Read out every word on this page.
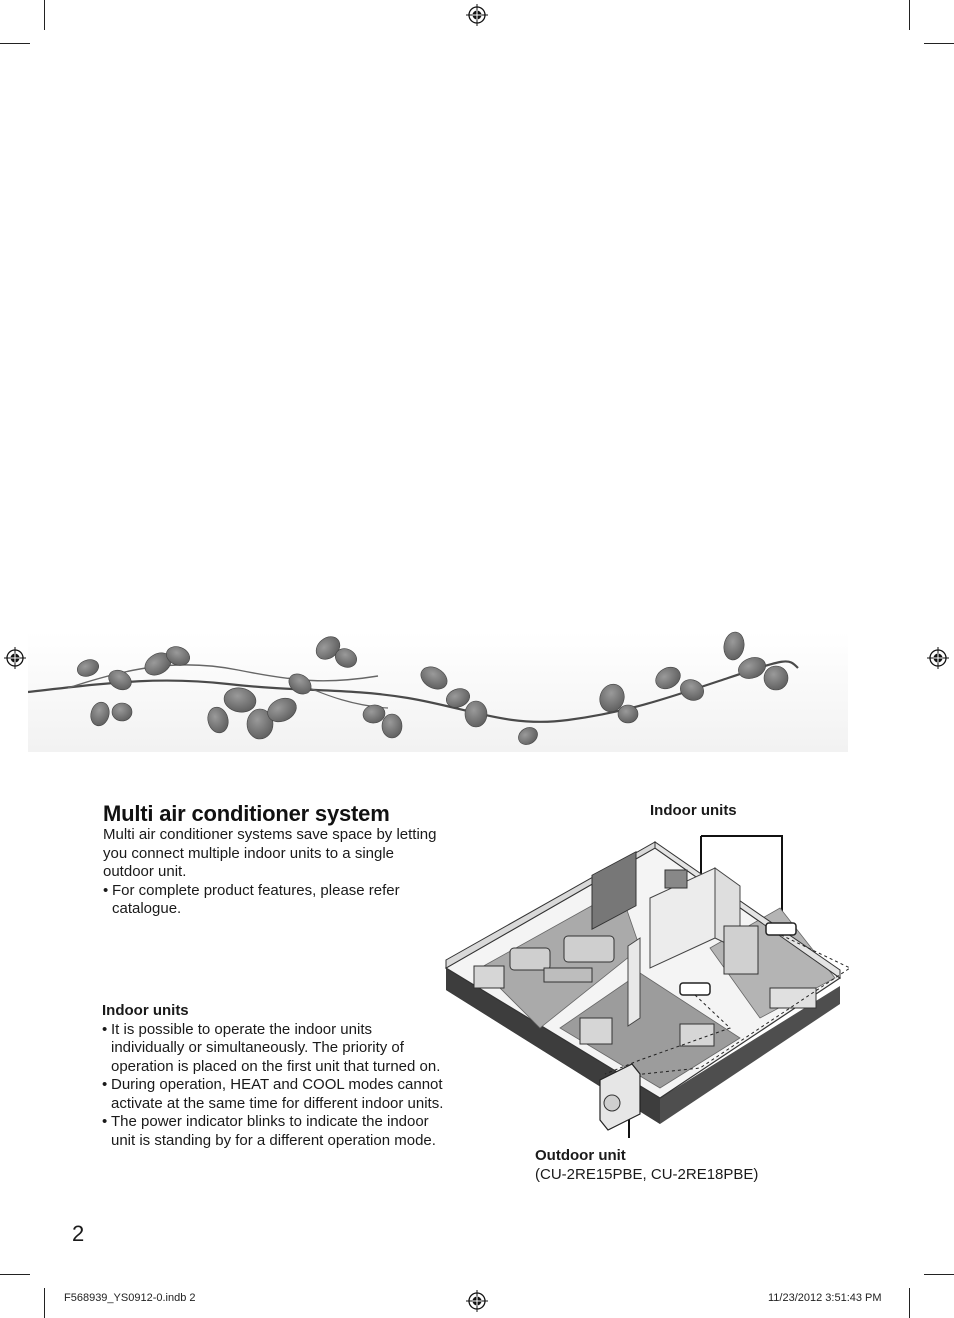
Multi air conditioner system

Multi air conditioner systems save space by letting you connect multiple indoor units to a single outdoor unit.

• For complete product features, please refer catalogue.

Indoor units
• It is possible to operate the indoor units individually or simultaneously. The priority of operation is placed on the first unit that turned on.
• During operation, HEAT and COOL modes cannot activate at the same time for different indoor units.
• The power indicator blinks to indicate the indoor unit is standing by for a different operation mode.
Indoor units
Outdoor unit
(CU-2RE15PBE, CU-2RE18PBE)
2
F568939_YS0912-0.indb 2	11/23/2012 3:51:43 PM
